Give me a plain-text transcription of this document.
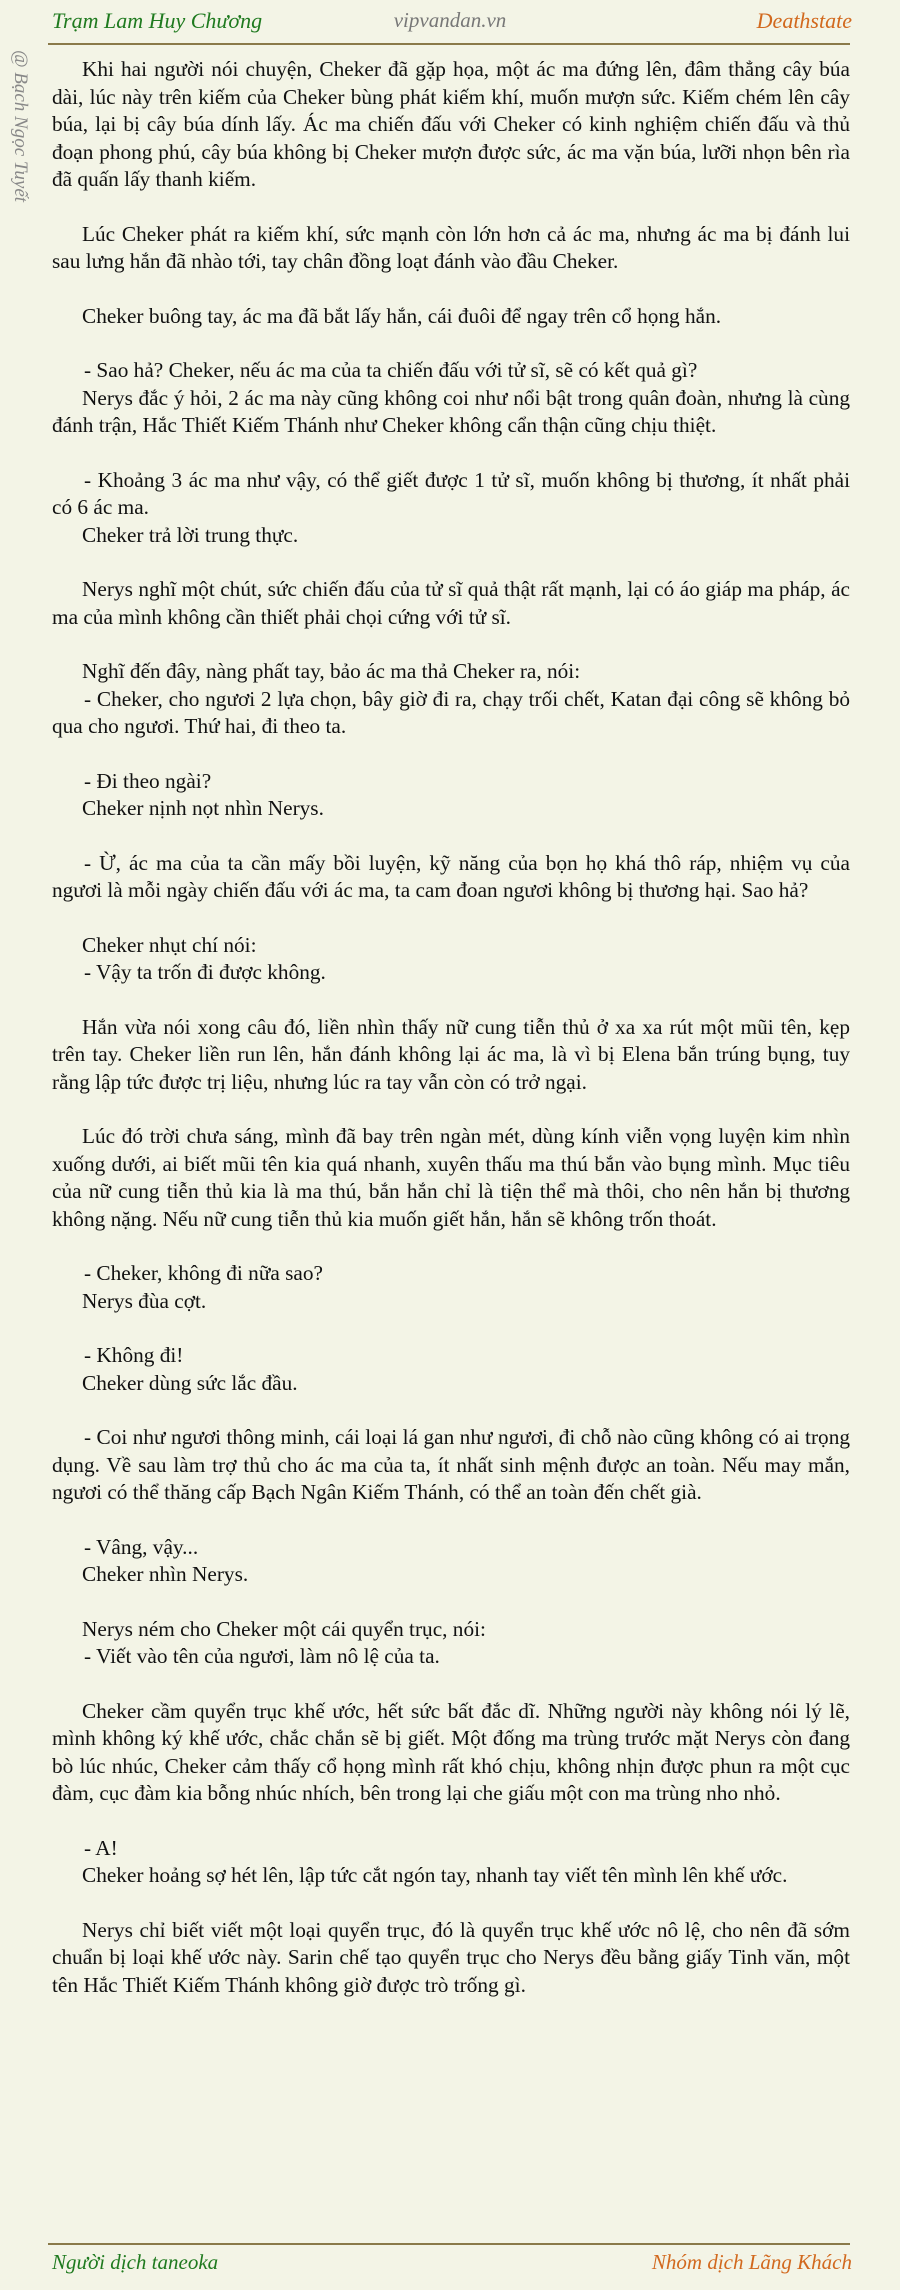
Trạm Lam Huy Chương	vipvandan.vn	Deathstate
@ Bạch Ngọc Tuyết	Khi hai người nói chuyện, Cheker đã gặp họa, một ác ma đứng lên, đâm thẳng cây búa dài, lúc này trên kiếm của Cheker bùng phát kiếm khí, muốn mượn sức. Kiếm chém lên cây búa, lại bị cây búa dính lấy. Ác ma chiến đấu với Cheker có kinh nghiệm chiến đấu và thủ đoạn phong phú, cây búa không bị Cheker mượn được sức, ác ma vặn búa, lưỡi nhọn bên rìa đã quấn lấy thanh kiếm.

Lúc Cheker phát ra kiếm khí, sức mạnh còn lớn hơn cả ác ma, nhưng ác ma bị đánh lui sau lưng hắn đã nhào tới, tay chân đồng loạt đánh vào đầu Cheker.

Cheker buông tay, ác ma đã bắt lấy hắn, cái đuôi để ngay trên cổ họng hắn.

- Sao hả? Cheker, nếu ác ma của ta chiến đấu với tử sĩ, sẽ có kết quả gì?

Nerys đắc ý hỏi, 2 ác ma này cũng không coi như nổi bật trong quân đoàn, nhưng là cùng đánh trận, Hắc Thiết Kiếm Thánh như Cheker không cẩn thận cũng chịu thiệt.

- Khoảng 3 ác ma như vậy, có thể giết được 1 tử sĩ, muốn không bị thương, ít nhất phải có 6 ác ma.

Cheker trả lời trung thực.

Nerys nghĩ một chút, sức chiến đấu của tử sĩ quả thật rất mạnh, lại có áo giáp ma pháp, ác ma của mình không cần thiết phải chọi cứng với tử sĩ.

Nghĩ đến đây, nàng phất tay, bảo ác ma thả Cheker ra, nói:

- Cheker, cho ngươi 2 lựa chọn, bây giờ đi ra, chạy trối chết, Katan đại công sẽ không bỏ qua cho ngươi. Thứ hai, đi theo ta.

- Đi theo ngài?

Cheker nịnh nọt nhìn Nerys.

- Ừ, ác ma của ta cần mấy bồi luyện, kỹ năng của bọn họ khá thô ráp, nhiệm vụ của ngươi là mỗi ngày chiến đấu với ác ma, ta cam đoan ngươi không bị thương hại. Sao hả?

Cheker nhụt chí nói:

- Vậy ta trốn đi được không.

Hắn vừa nói xong câu đó, liền nhìn thấy nữ cung tiễn thủ ở xa xa rút một mũi tên, kẹp trên tay. Cheker liền run lên, hắn đánh không lại ác ma, là vì bị Elena bắn trúng bụng, tuy rằng lập tức được trị liệu, nhưng lúc ra tay vẫn còn có trở ngại.

Lúc đó trời chưa sáng, mình đã bay trên ngàn mét, dùng kính viễn vọng luyện kim nhìn xuống dưới, ai biết mũi tên kia quá nhanh, xuyên thấu ma thú bắn vào bụng mình. Mục tiêu của nữ cung tiễn thủ kia là ma thú, bắn hắn chỉ là tiện thể mà thôi, cho nên hắn bị thương không nặng. Nếu nữ cung tiễn thủ kia muốn giết hắn, hắn sẽ không trốn thoát.

- Cheker, không đi nữa sao?

Nerys đùa cợt.

- Không đi!

Cheker dùng sức lắc đầu.

- Coi như ngươi thông minh, cái loại lá gan như ngươi, đi chỗ nào cũng không có ai trọng dụng. Về sau làm trợ thủ cho ác ma của ta, ít nhất sinh mệnh được an toàn. Nếu may mắn, ngươi có thể thăng cấp Bạch Ngân Kiếm Thánh, có thể an toàn đến chết già.

- Vâng, vậy...

Cheker nhìn Nerys.

Nerys ném cho Cheker một cái quyển trục, nói:

- Viết vào tên của ngươi, làm nô lệ của ta.

Cheker cầm quyển trục khế ước, hết sức bất đắc dĩ. Những người này không nói lý lẽ, mình không ký khế ước, chắc chắn sẽ bị giết. Một đống ma trùng trước mặt Nerys còn đang bò lúc nhúc, Cheker cảm thấy cổ họng mình rất khó chịu, không nhịn được phun ra một cục đàm, cục đàm kia bỗng nhúc nhích, bên trong lại che giấu một con ma trùng nho nhỏ.

- A!

Cheker hoảng sợ hét lên, lập tức cắt ngón tay, nhanh tay viết tên mình lên khế ước.

Nerys chỉ biết viết một loại quyển trục, đó là quyển trục khế ước nô lệ, cho nên đã sớm chuẩn bị loại khế ước này. Sarin chế tạo quyển trục cho Nerys đều bằng giấy Tinh văn, một tên Hắc Thiết Kiếm Thánh không giờ được trò trống gì.

Người dịch taneoka	Nhóm dịch Lãng Khách
